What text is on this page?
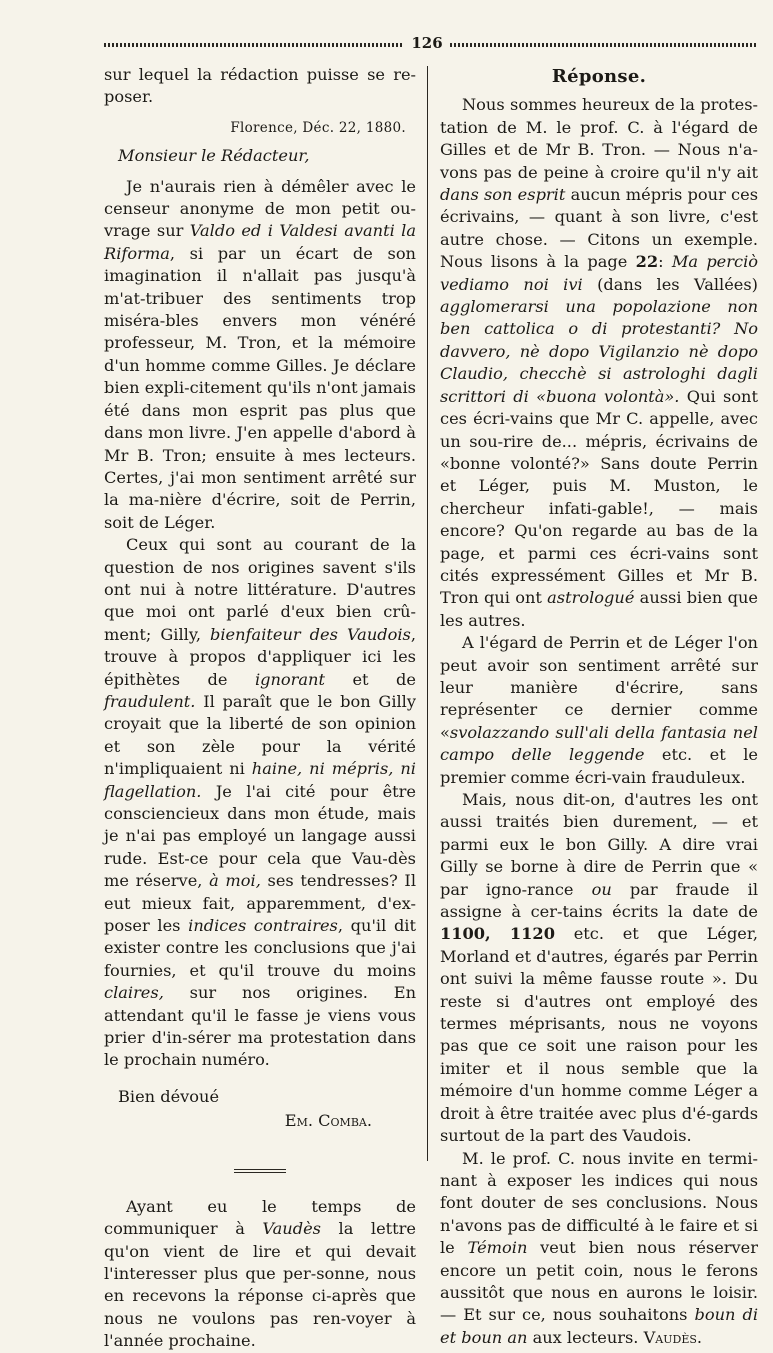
126

sur lequel la rédaction puisse se re-poser.

Florence, Déc. 22, 1880.

Monsieur le Rédacteur,

Je n'aurais rien à démêler avec le censeur anonyme de mon petit ou-vrage sur Valdo ed i Valdesi avanti la Riforma, si par un écart de son imagination il n'allait pas jusqu'à m'at-tribuer des sentiments trop miséra-bles envers mon vénéré professeur, M. Tron, et la mémoire d'un homme comme Gilles. Je déclare bien expli-citement qu'ils n'ont jamais été dans mon esprit pas plus que dans mon livre. J'en appelle d'abord à Mr B. Tron; ensuite à mes lecteurs. Certes, j'ai mon sentiment arrêté sur la ma-nière d'écrire, soit de Perrin, soit de Léger.

Ceux qui sont au courant de la question de nos origines savent s'ils ont nui à notre littérature. D'autres que moi ont parlé d'eux bien crû-ment; Gilly, bienfaiteur des Vaudois, trouve à propos d'appliquer ici les épithètes de ignorant et de fraudulent. Il paraît que le bon Gilly croyait que la liberté de son opinion et son zèle pour la vérité n'impliquaient ni haine, ni mépris, ni flagellation. Je l'ai cité pour être consciencieux dans mon étude, mais je n'ai pas employé un langage aussi rude. Est-ce pour cela que Vau-dès me réserve, à moi, ses tendresses? Il eut mieux fait, apparemment, d'ex-poser les indices contraires, qu'il dit exister contre les conclusions que j'ai fournies, et qu'il trouve du moins claires, sur nos origines. En attendant qu'il le fasse je viens vous prier d'in-sérer ma protestation dans le prochain numéro.

Bien dévoué

Em. Comba.

Ayant eu le temps de communiquer à Vaudès la lettre qu'on vient de lire et qui devait l'interesser plus que per-sonne, nous en recevons la réponse ci-après que nous ne voulons pas ren-voyer à l'année prochaine.

Réponse.

Nous sommes heureux de la protes-tation de M. le prof. C. à l'égard de Gilles et de Mr B. Tron. — Nous n'a-vons pas de peine à croire qu'il n'y ait dans son esprit aucun mépris pour ces écrivains, — quant à son livre, c'est autre chose. — Citons un exemple. Nous lisons à la page 22: Ma perciò vediamo noi ivi (dans les Vallées) agglomerarsi una popolazione non ben cattolica o di protestanti? No davvero, nè dopo Vigilanzio nè dopo Claudio, checchè si astrologhi dagli scrittori di «buona volontà». Qui sont ces écri-vains que Mr C. appelle, avec un sou-rire de... mépris, écrivains de «bonne volonté?» Sans doute Perrin et Léger, puis M. Muston, le chercheur infati-gable!, — mais encore? Qu'on regarde au bas de la page, et parmi ces écri-vains sont cités expressément Gilles et Mr B. Tron qui ont astrologué aussi bien que les autres.

A l'égard de Perrin et de Léger l'on peut avoir son sentiment arrêté sur leur manière d'écrire, sans représenter ce dernier comme «svolazzando sull'ali della fantasia nel campo delle leggende etc. et le premier comme écri-vain frauduleux.

Mais, nous dit-on, d'autres les ont aussi traités bien durement, — et parmi eux le bon Gilly. A dire vrai Gilly se borne à dire de Perrin que « par igno-rance ou par fraude il assigne à cer-tains écrits la date de 1100, 1120 etc. et que Léger, Morland et d'autres, égarés par Perrin ont suivi la même fausse route ». Du reste si d'autres ont employé des termes méprisants, nous ne voyons pas que ce soit une raison pour les imiter et il nous semble que la mémoire d'un homme comme Léger a droit à être traitée avec plus d'é-gards surtout de la part des Vaudois.

M. le prof. C. nous invite en termi-nant à exposer les indices qui nous font douter de ses conclusions. Nous n'avons pas de difficulté à le faire et si le Témoin veut bien nous réserver encore un petit coin, nous le ferons aussitôt que nous en aurons le loisir. — Et sur ce, nous souhaitons boun di et boun an aux lecteurs. Vaudès.
